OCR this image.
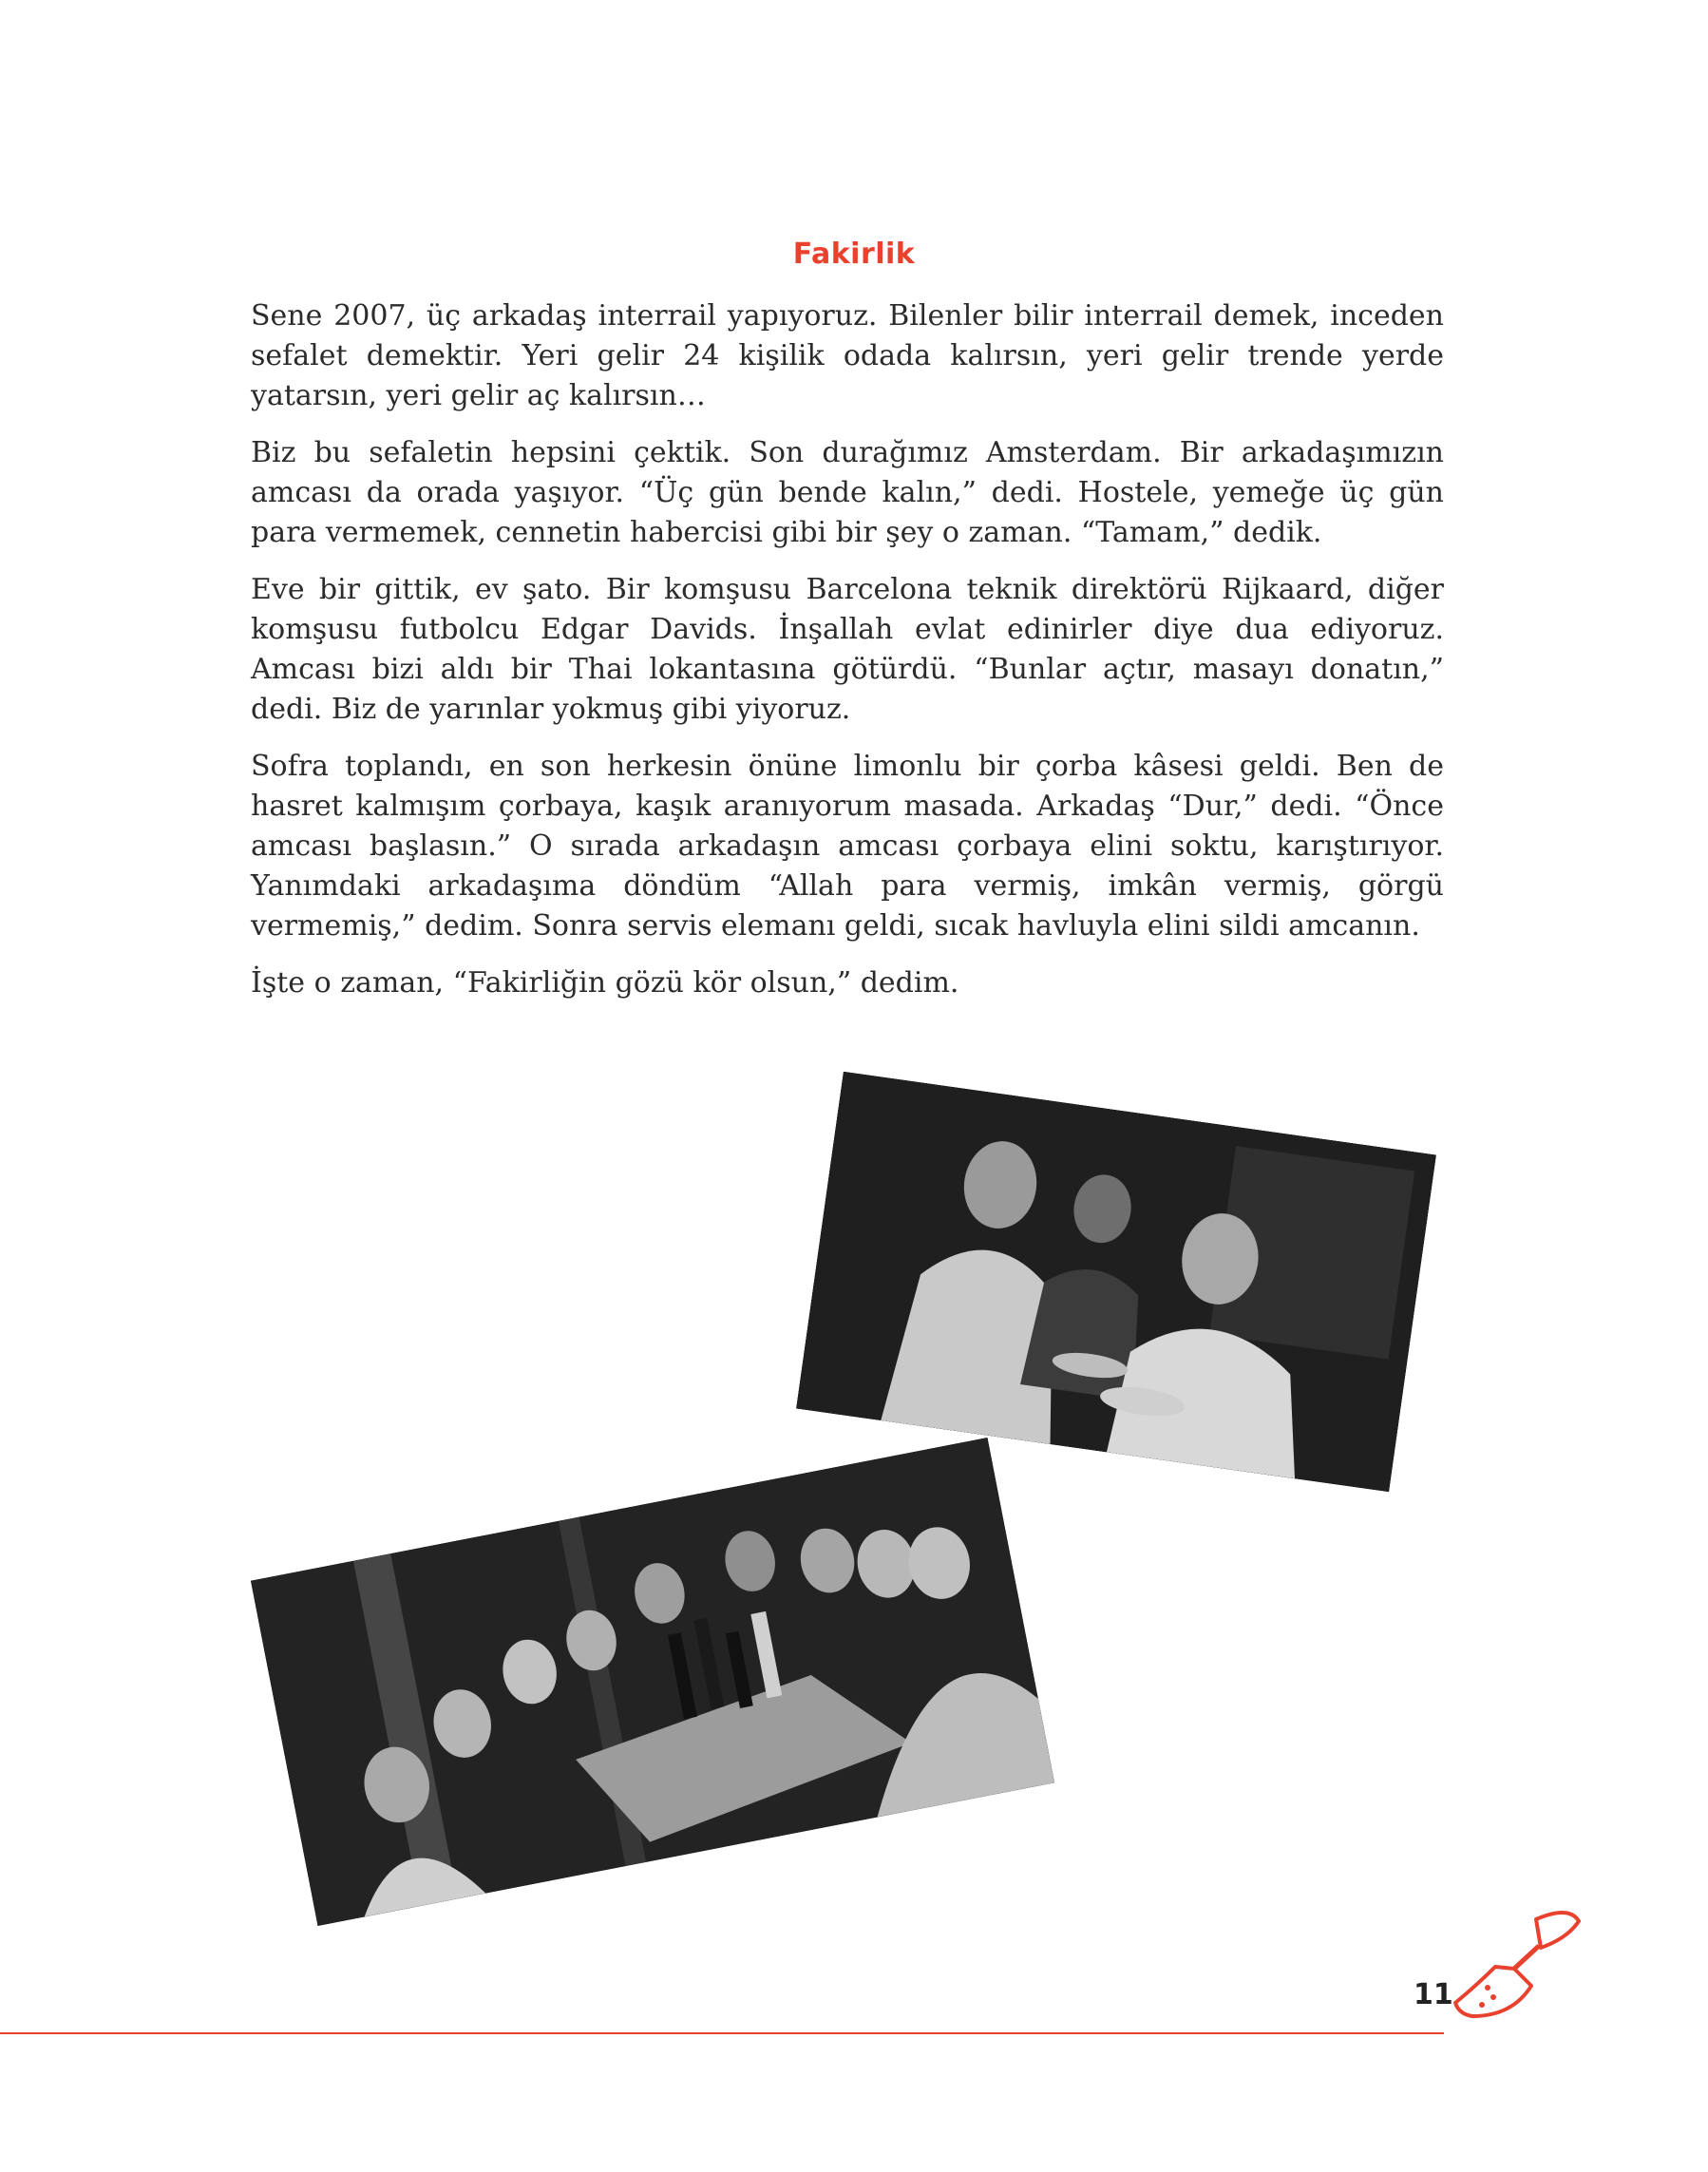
Fakirlik

Sene 2007, üç arkadaş interrail yapıyoruz. Bilenler bilir interrail demek, inceden sefalet demektir. Yeri gelir 24 kişilik odada kalırsın, yeri gelir trende yerde yatarsın, yeri gelir aç kalırsın…

Biz bu sefaletin hepsini çektik. Son durağımız Amsterdam. Bir arkadaşımızın amcası da orada yaşıyor. “Üç gün bende kalın,” dedi. Hostele, yemeğe üç gün para vermemek, cennetin habercisi gibi bir şey o zaman. “Tamam,” dedik.

Eve bir gittik, ev şato. Bir komşusu Barcelona teknik direktörü Rijkaard, diğer komşusu futbolcu Edgar Davids. İnşallah evlat edinirler diye dua ediyoruz. Amcası bizi aldı bir Thai lokantasına götürdü. “Bunlar açtır, masayı donatın,” dedi. Biz de yarınlar yokmuş gibi yiyoruz.

Sofra toplandı, en son herkesin önüne limonlu bir çorba kâsesi geldi. Ben de hasret kalmışım çorbaya, kaşık aranıyorum masada. Arkadaş “Dur,” dedi. “Önce amcası başlasın.” O sırada arkadaşın amcası çorbaya elini soktu, karıştırıyor. Yanımdaki arkadaşıma döndüm “Allah para vermiş, imkân vermiş, görgü vermemiş,” dedim. Sonra servis elemanı geldi, sıcak havluyla elini sildi amcanın.

İşte o zaman, “Fakirliğin gözü kör olsun,” dedim.

11
